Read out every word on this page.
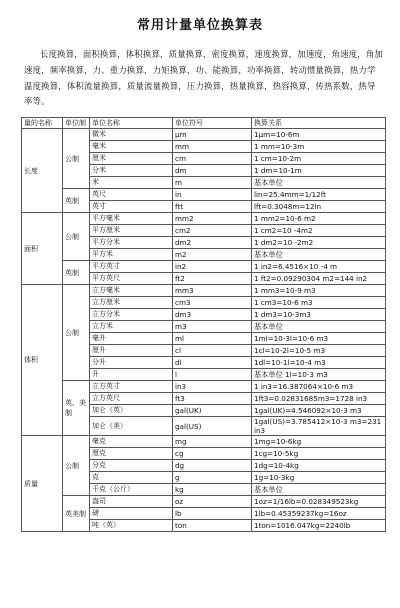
常用计量单位换算表
长度换算，面积换算，体积换算，质量换算，密度换算，速度换算，加速度，角速度，角加速度，频率换算，力、重力换算，力矩换算，功、能换算，功率换算，转动惯量换算，热力学温度换算，体积流量换算，质量流量换算，压力换算，热量换算，热容换算，传热系数，热导率等。
量的名称	单位制	单位名称	单位符号	换算关系
长度	公制	微米	μm	1μm=10-6m
		毫米	mm	1 mm=10-3m
		厘米	cm	1 cm=10-2m
		分米	dm	1 dm=10-1m
		米	m	基本单位
	英制	英尺	in	lin=25.4mm=1/12ft
		英寸	ftt	lft=0.3048m=12in
面积	公制	平方毫米	mm2	1 mm2=10-6 m2
		平方厘米	cm2	1 cm2=10 -4m2
		平方分米	dm2	1 dm2=10 -2m2
		平方米	m2	基本单位
	英制	平方英寸	in2	1 in2=6.4516×10 -4 m
		平方英尺	ft2	1 ft2=0.09290304 m2=144 in2
体积	公制	立方毫米	mm3	1 mm3=10-9 m3
		立方厘米	cm3	1 cm3=10-6 m3
		立方分米	dm3	1 dm3=10-3m3
		立方米	m3	基本单位
		毫升	ml	1ml=10-3l=10-6 m3
		厘升	cl	1cl=10-2l=10-5 m3
		分升	dl	1dl=10-1l=10-4 m3
		升	l	基本单位 1l=10-3 m3
	英、美制	立方英寸	in3	1 in3=16.387064×10-6 m3
		立方英尺	ft3	1ft3=0.02831685m3=1728 in3
		加仑（英）	gal(UK)	1gal(UK)=4.546092×10-3 m3
		加仑（美）	gal(US)	1gal(US)=3.785412×10-3 m3=231 in3
质量	公制	毫克	mg	1mg=10-6kg
		厘克	cg	1cg=10-5kg
		分克	dg	1dg=10-4kg
		克	g	1g=10-3kg
		千克（公斤）	kg	基本单位
	英美制	盎司	oz	1oz=1/16lb=0.028349523kg
		磅	lb	1lb=0.45359237kg=16oz
		吨（英）	ton	1ton=1016.047kg=2240lb
